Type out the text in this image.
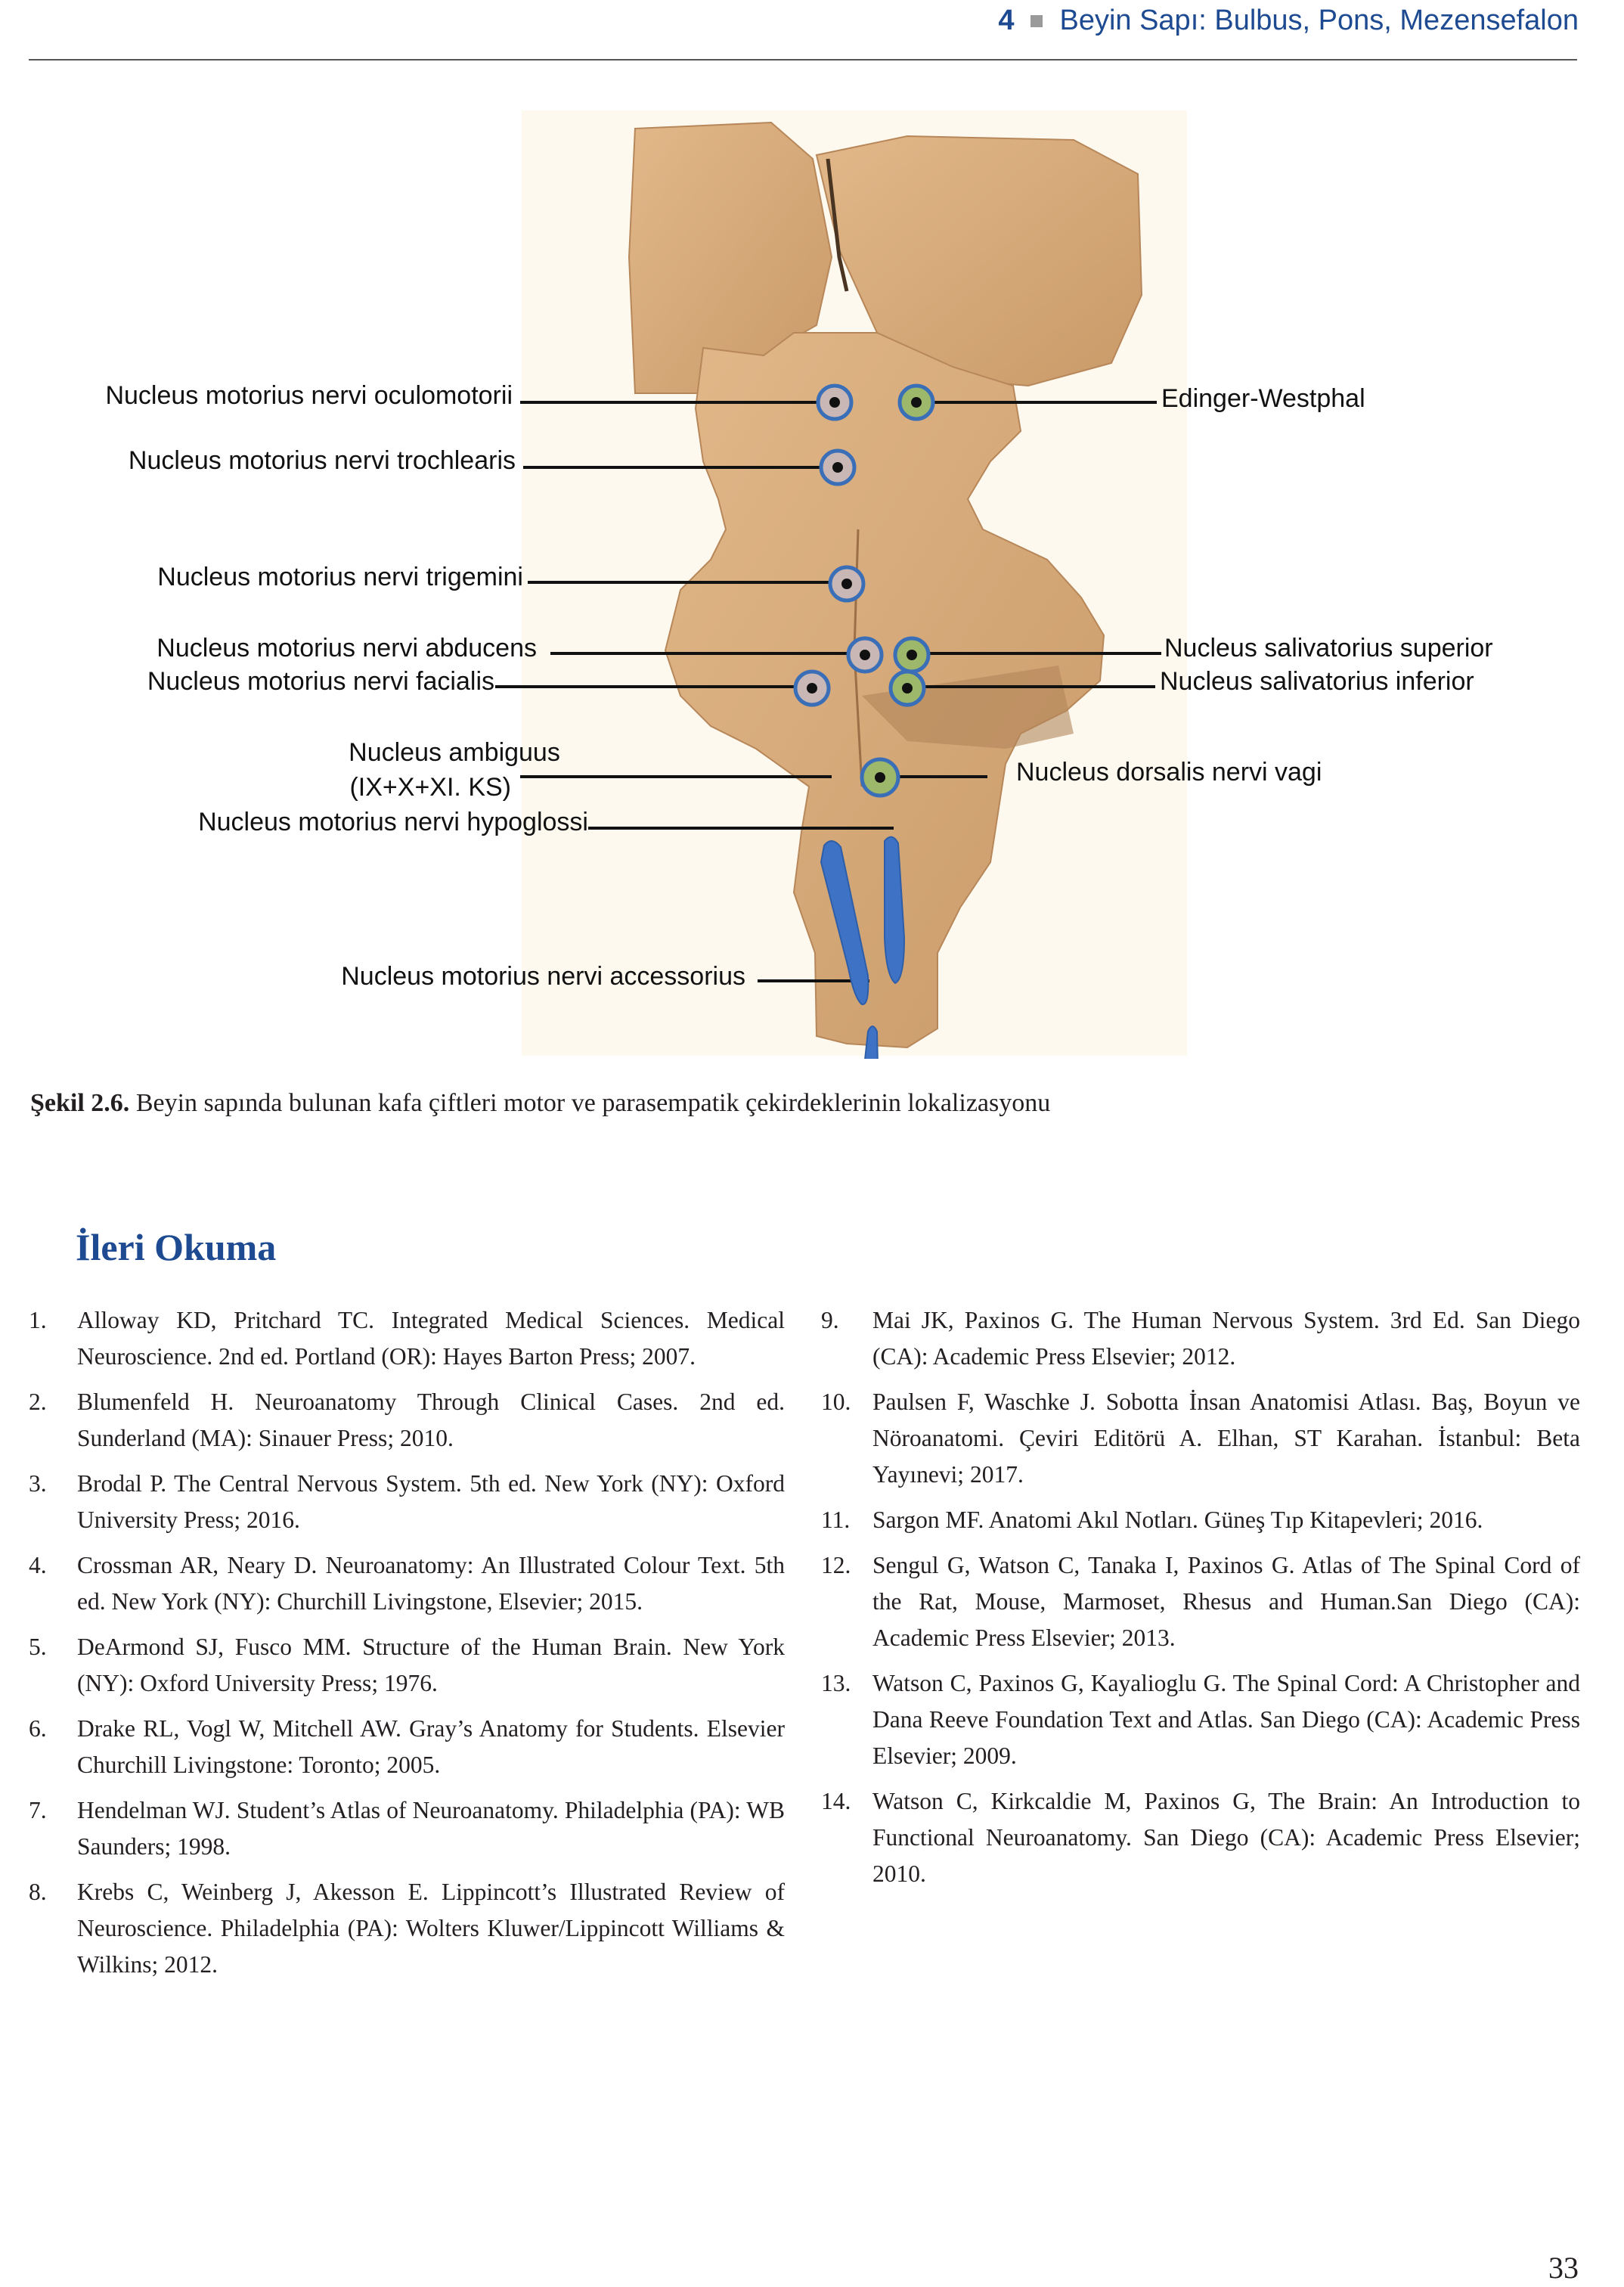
4 Beyin Sapı: Bulbus, Pons, Mezensefalon
Nucleus motorius nervi oculomotorii
Nucleus motorius nervi trochlearis
Nucleus motorius nervi trigemini
Nucleus motorius nervi abducens
Nucleus motorius nervi facialis
Nucleus ambiguus
(IX+X+XI. KS)
Nucleus motorius nervi hypoglossi
Nucleus motorius nervi accessorius
Edinger-Westphal
Nucleus salivatorius superior
Nucleus salivatorius inferior
Nucleus dorsalis nervi vagi
Şekil 2.6. Beyin sapında bulunan kafa çiftleri motor ve parasempatik çekirdeklerinin lokalizasyonu
İleri Okuma
1.	Alloway KD, Pritchard TC. Integrated Medical Sciences. Medical Neuroscience. 2nd ed. Portland (OR): Hayes Barton Press; 2007.
2.	Blumenfeld H. Neuroanatomy Through Clinical Cases. 2nd ed. Sunderland (MA): Sinauer Press; 2010.
3.	Brodal P. The Central Nervous System. 5th ed. New York (NY): Oxford University Press; 2016.
4.	Crossman AR, Neary D. Neuroanatomy: An Illustrated Colour Text. 5th ed. New York (NY): Churchill Livingstone, Elsevier; 2015.
5.	DeArmond SJ, Fusco MM. Structure of the Human Brain. New York (NY): Oxford University Press; 1976.
6.	Drake RL, Vogl W, Mitchell AW. Gray’s Anatomy for Students. Elsevier Churchill Livingstone: Toronto; 2005.
7.	Hendelman WJ. Student’s Atlas of Neuroanatomy. Philadelphia (PA): WB Saunders; 1998.
8.	Krebs C, Weinberg J, Akesson E. Lippincott’s Illustrated Review of Neuroscience. Philadelphia (PA): Wolters Kluwer/Lippincott Williams & Wilkins; 2012.
9.	Mai JK, Paxinos G. The Human Nervous System. 3rd Ed. San Diego (CA): Academic Press Elsevier; 2012.
10. Paulsen F, Waschke J. Sobotta İnsan Anatomisi Atlası. Baş, Boyun ve Nöroanatomi. Çeviri Editörü A. Elhan, ST Karahan. İstanbul: Beta Yayınevi; 2017.
11. Sargon MF. Anatomi Akıl Notları. Güneş Tıp Kitapevleri; 2016.
12. Sengul G, Watson C, Tanaka I, Paxinos G. Atlas of The Spinal Cord of the Rat, Mouse, Marmoset, Rhesus and Human.San Diego (CA): Academic Press Elsevier; 2013.
13. Watson C, Paxinos G, Kayalioglu G. The Spinal Cord: A Christopher and Dana Reeve Foundation Text and Atlas. San Diego (CA): Academic Press Elsevier; 2009.
14. Watson C, Kirkcaldie M, Paxinos G, The Brain: An Introduction to Functional Neuroanatomy. San Diego (CA): Academic Press Elsevier; 2010.
33
